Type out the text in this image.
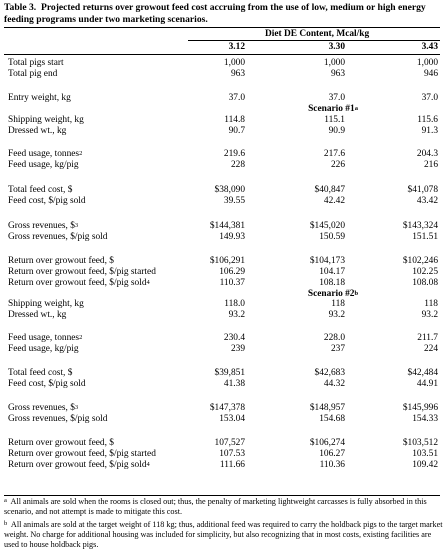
Table 3. Projected returns over growout feed cost accruing from the use of low, medium or high energy feeding programs under two marketing scenarios.
Diet DE Content, Mcal/kg
3.12	3.30	3.43
Total pigs start	1,000	1,000	1,000
Total pig end	963	963	946
Entry weight, kg	37.0	37.0	37.0
Scenario #1$^a$
Shipping weight, kg	114.8	115.1	115.6
Dressed wt., kg	90.7	90.9	91.3
Feed usage, tonnes$^2$	219.6	217.6	204.3
Feed usage, kg/pig	228	226	216
Total feed cost, $	$38,090	$40,847	$41,078
Feed cost, $/pig sold	39.55	42.42	43.42
Gross revenues, \$$^3$	$144,381	$145,020	$143,324
Gross revenues, $/pig sold	149.93	150.59	151.51
Return over growout feed, $	$106,291	$104,173	$102,246
Return over growout feed, $/pig started	106.29	104.17	102.25
Return over growout feed, $/pig sold$^4$	110.37	108.18	108.08
Scenario #2$^b$
Shipping weight, kg	118.0	118	118
Dressed wt., kg	93.2	93.2	93.2
Feed usage, tonnes$^2$	230.4	228.0	211.7
Feed usage, kg/pig	239	237	224
Total feed cost, $	$39,851	$42,683	$42,484
Feed cost, $/pig sold	41.38	44.32	44.91
Gross revenues, \$$^3$	$147,378	$148,957	$145,996
Gross revenues, $/pig sold	153.04	154.68	154.33
Return over growout feed, $	107,527	$106,274	$103,512
Return over growout feed, $/pig started	107.53	106.27	103.51
Return over growout feed, $/pig sold$^4$	111.66	110.36	109.42
$^a$ All animals are sold when the rooms is closed out; thus, the penalty of marketing lightweight carcasses is fully absorbed in this scenario, and not attempt is made to mitigate this cost.
$^b$ All animals are sold at the target weight of 118 kg; thus, additional feed was required to carry the holdback pigs to the target market weight. No charge for additional housing was included for simplicity, but also recognizing that in most costs, existing facilities are used to house holdback pigs.
